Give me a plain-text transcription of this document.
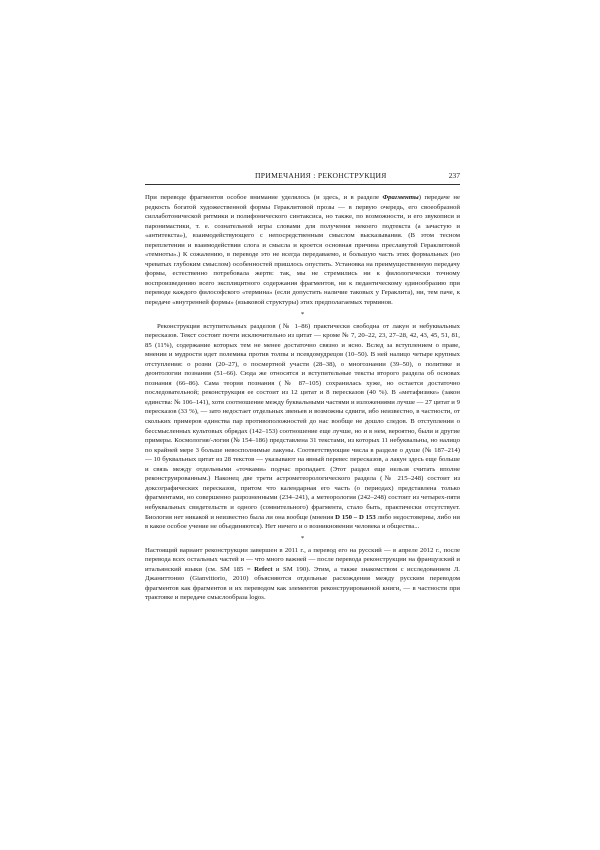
ПРИМЕЧАНИЯ : РЕКОНСТРУКЦИЯ	237

При переводе фрагментов особое внимание уделялось (и здесь, и в разделе Фрагменты) передаче не редкость богатой художественной формы Гераклитовой прозы — в первую очередь, его своеобразной силлаботонической ритмики и полифонического синтаксиса, но также, по возможности, и его звукописи и паронимастики, т. е. сознательной игры словами для получения некоего подтекста (а зачастую и «антитекста»), взаимодействующего с непосредственным смыслом высказывания. (В этом тесном переплетении и взаимодействии слога и смысла и кроется основная причина преславутой Гераклитовой «темноты».) К сожалению, в переводе это не всегда передаваемо, и большую часть этих формальных (но чреватых глубоким смыслом) особенностей пришлось опустить. Установка на преимущественную передачу формы, естественно потребовала жертв: так, мы не стремились ни к филологически точному воспроизведению всего эксплицитного содержания фрагментов, ни к педантическому единообразию при переводе каждого философского «термина» (если допустить наличие таковых у Гераклита), ни, тем паче, к передаче «внутренней формы» (языковой структуры) этих предполагаемых терминов.

*

Реконструкция вступительных разделов (№ 1–86) практически свободна от лакун и небуквальных пересказов. Текст состоит почти исключительно из цитат — кроме № 7, 20–22, 23, 27–28, 42, 43, 45, 51, 81, 85 (11%), содержание которых тем не менее достаточно связно и ясно. Вслед за вступлением о праве, мнении и мудрости идет полемика против толпы и псевдомудрецов (10–50). В ней налицо четыре крупных отступления: о розни (20–27), о посмертной участи (28–38), о многознании (39–50), о политике и деонтологии познания (51–66). Сюда же относятся и вступительные тексты второго раздела об основах познания (66–86). Сама теория познания (№ 87–105) сохранилась хуже, но остается достаточно последовательной; реконструкция ее состоит из 12 цитат и 8 пересказов (40 %). В «метафизике» (закон единства: № 106–141), хотя соотношение между буквальными частями и изложениями лучше — 27 цитат и 9 пересказов (33 %), — зато недостает отдельных звеньев и возможны сдвиги, ибо неизвестно, в частности, от скольких примеров единства пар противоположностей до нас вообще не дошло следов. В отступлении о бессмысленных культовых обрядах (142–153) соотношение еще лучше, но и в нем, вероятно, были и другие примеры. Космология/-логия (№ 154–186) представлена 31 текстами, из которых 11 небуквальны, но налицо по крайней мере 3 больше невосполнимые лакуны. Соответствующие числа в разделе о душе (№ 187–214) — 10 буквальных цитат из 28 текстов — указывают на явный перевес пересказов, а лакун здесь еще больше и связь между отдельными «точками» подчас пропадает. (Этот раздел еще нельзя считать вполне реконструированным.) Наконец две трети астрометеорологического раздела (№ 215–248) состоит из доксографических пересказов, притом что календарная его часть (о периодах) представлена только фрагментами, но совершенно разрозненными (234–241), а метеорология (242–248) состоит из четырех-пяти небуквальных свидетельств и одного (сомнительного) фрагмента, стало быть, практически отсутствует. Биология нет никакой и неизвестно была ли она вообще (мнения D 150 – D 153 либо недостоверны, либо ни в какое особое учение не объединяются). Нет ничего и о возникновении человека и общества...

*

Настоящий вариант реконструкции завершен в 2011 г., а перевод его на русский — в апреле 2012 г., после перевода всех остальных частей и — что много важней — после перевода реконструкции на французский и итальянский языки (см. SM 185 = Refect и SM 190). Этим, а также знакомством с исследованием Л. Джаниттонио (Gianvittorio, 2010) объясняются отдельные расхождения между русским переводом фрагментов как фрагментов и их переводом как элементов реконструированной книги, — в частности при трактовке и передаче смыслообраза logos.
